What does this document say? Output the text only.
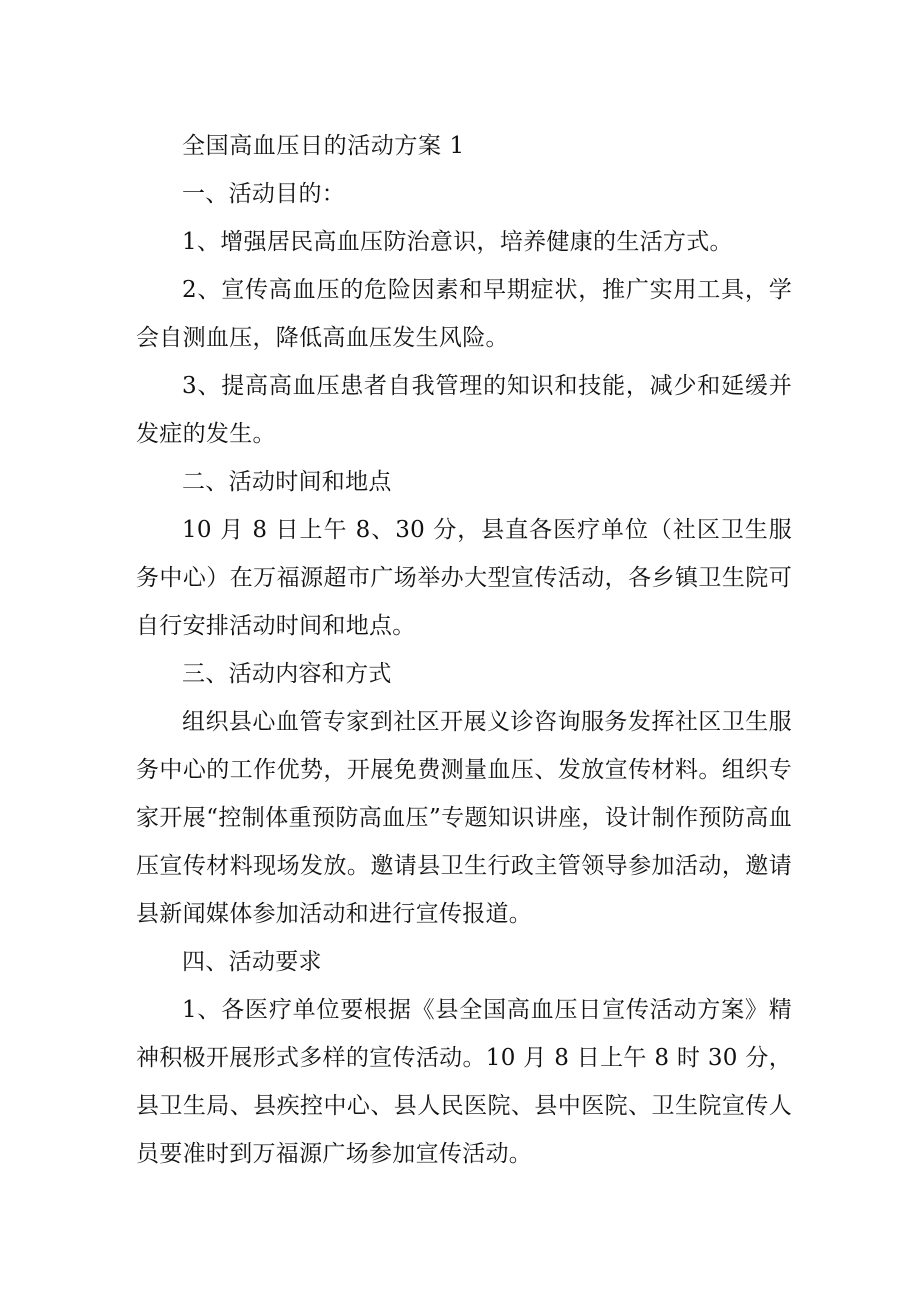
全国高血压日的活动方案 1

一、活动目的：

1、增强居民高血压防治意识，培养健康的生活方式。

2、宣传高血压的危险因素和早期症状，推广实用工具，学会自测血压，降低高血压发生风险。

3、提高高血压患者自我管理的知识和技能，减少和延缓并发症的发生。

二、活动时间和地点

10 月 8 日上午 8、30 分，县直各医疗单位（社区卫生服务中心）在万福源超市广场举办大型宣传活动，各乡镇卫生院可自行安排活动时间和地点。

三、活动内容和方式

组织县心血管专家到社区开展义诊咨询服务发挥社区卫生服务中心的工作优势，开展免费测量血压、发放宣传材料。组织专家开展“控制体重预防高血压”专题知识讲座，设计制作预防高血压宣传材料现场发放。邀请县卫生行政主管领导参加活动，邀请县新闻媒体参加活动和进行宣传报道。

四、活动要求

1、各医疗单位要根据《县全国高血压日宣传活动方案》精神积极开展形式多样的宣传活动。10 月 8 日上午 8 时 30 分，县卫生局、县疾控中心、县人民医院、县中医院、卫生院宣传人员要准时到万福源广场参加宣传活动。
